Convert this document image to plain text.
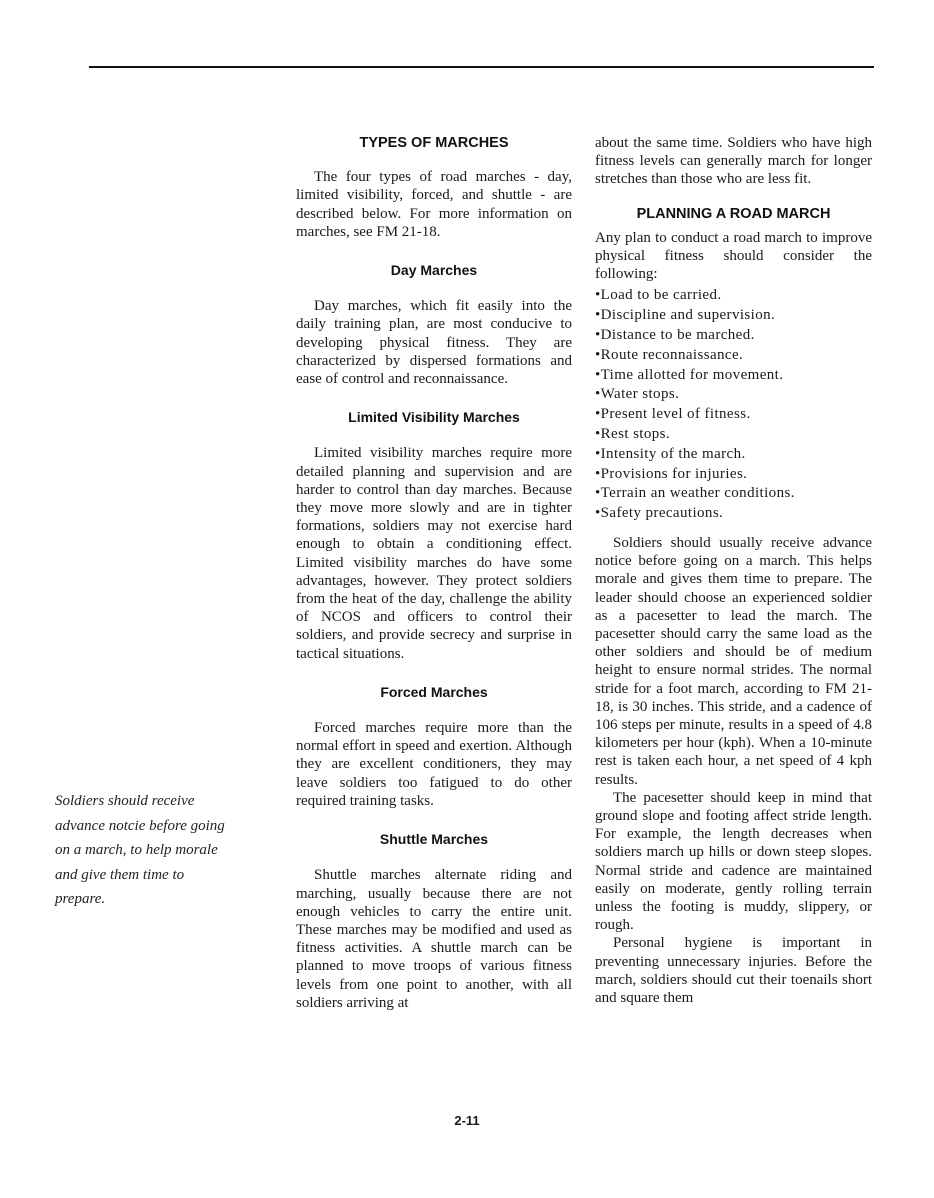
Soldiers should receive advance notcie before going on a march, to help morale and give them time to prepare.
TYPES OF MARCHES

The four types of road marches - day, limited visibility, forced, and shuttle - are described below. For more information on marches, see FM 21-18.

Day Marches

Day marches, which fit easily into the daily training plan, are most conducive to developing physical fitness. They are characterized by dispersed formations and ease of control and reconnaissance.

Limited Visibility Marches

Limited visibility marches require more detailed planning and supervision and are harder to control than day marches. Because they move more slowly and are in tighter formations, soldiers may not exercise hard enough to obtain a conditioning effect. Limited visibility marches do have some advantages, however. They protect soldiers from the heat of the day, challenge the ability of NCOS and officers to control their soldiers, and provide secrecy and surprise in tactical situations.

Forced Marches

Forced marches require more than the normal effort in speed and exertion. Although they are excellent conditioners, they may leave soldiers too fatigued to do other required training tasks.

Shuttle Marches

Shuttle marches alternate riding and marching, usually because there are not enough vehicles to carry the entire unit. These marches may be modified and used as fitness activities. A shuttle march can be planned to move troops of various fitness levels from one point to another, with all soldiers arriving at

about the same time. Soldiers who have high fitness levels can generally march for longer stretches than those who are less fit.

PLANNING A ROAD MARCH

Any plan to conduct a road march to improve physical fitness should consider the following:

•Load to be carried.
•Discipline and supervision.
•Distance to be marched.
•Route reconnaissance.
•Time allotted for movement.
•Water stops.
•Present level of fitness.
•Rest stops.
•Intensity of the march.
•Provisions for injuries.
•Terrain an weather conditions.
•Safety precautions.

Soldiers should usually receive advance notice before going on a march. This helps morale and gives them time to prepare. The leader should choose an experienced soldier as a pacesetter to lead the march. The pacesetter should carry the same load as the other soldiers and should be of medium height to ensure normal strides. The normal stride for a foot march, according to FM 21-18, is 30 inches. This stride, and a cadence of 106 steps per minute, results in a speed of 4.8 kilometers per hour (kph). When a 10-minute rest is taken each hour, a net speed of 4 kph results.

The pacesetter should keep in mind that ground slope and footing affect stride length. For example, the length decreases when soldiers march up hills or down steep slopes. Normal stride and cadence are maintained easily on moderate, gently rolling terrain unless the footing is muddy, slippery, or rough.

Personal hygiene is important in preventing unnecessary injuries. Before the march, soldiers should cut their toenails short and square them

2-11
